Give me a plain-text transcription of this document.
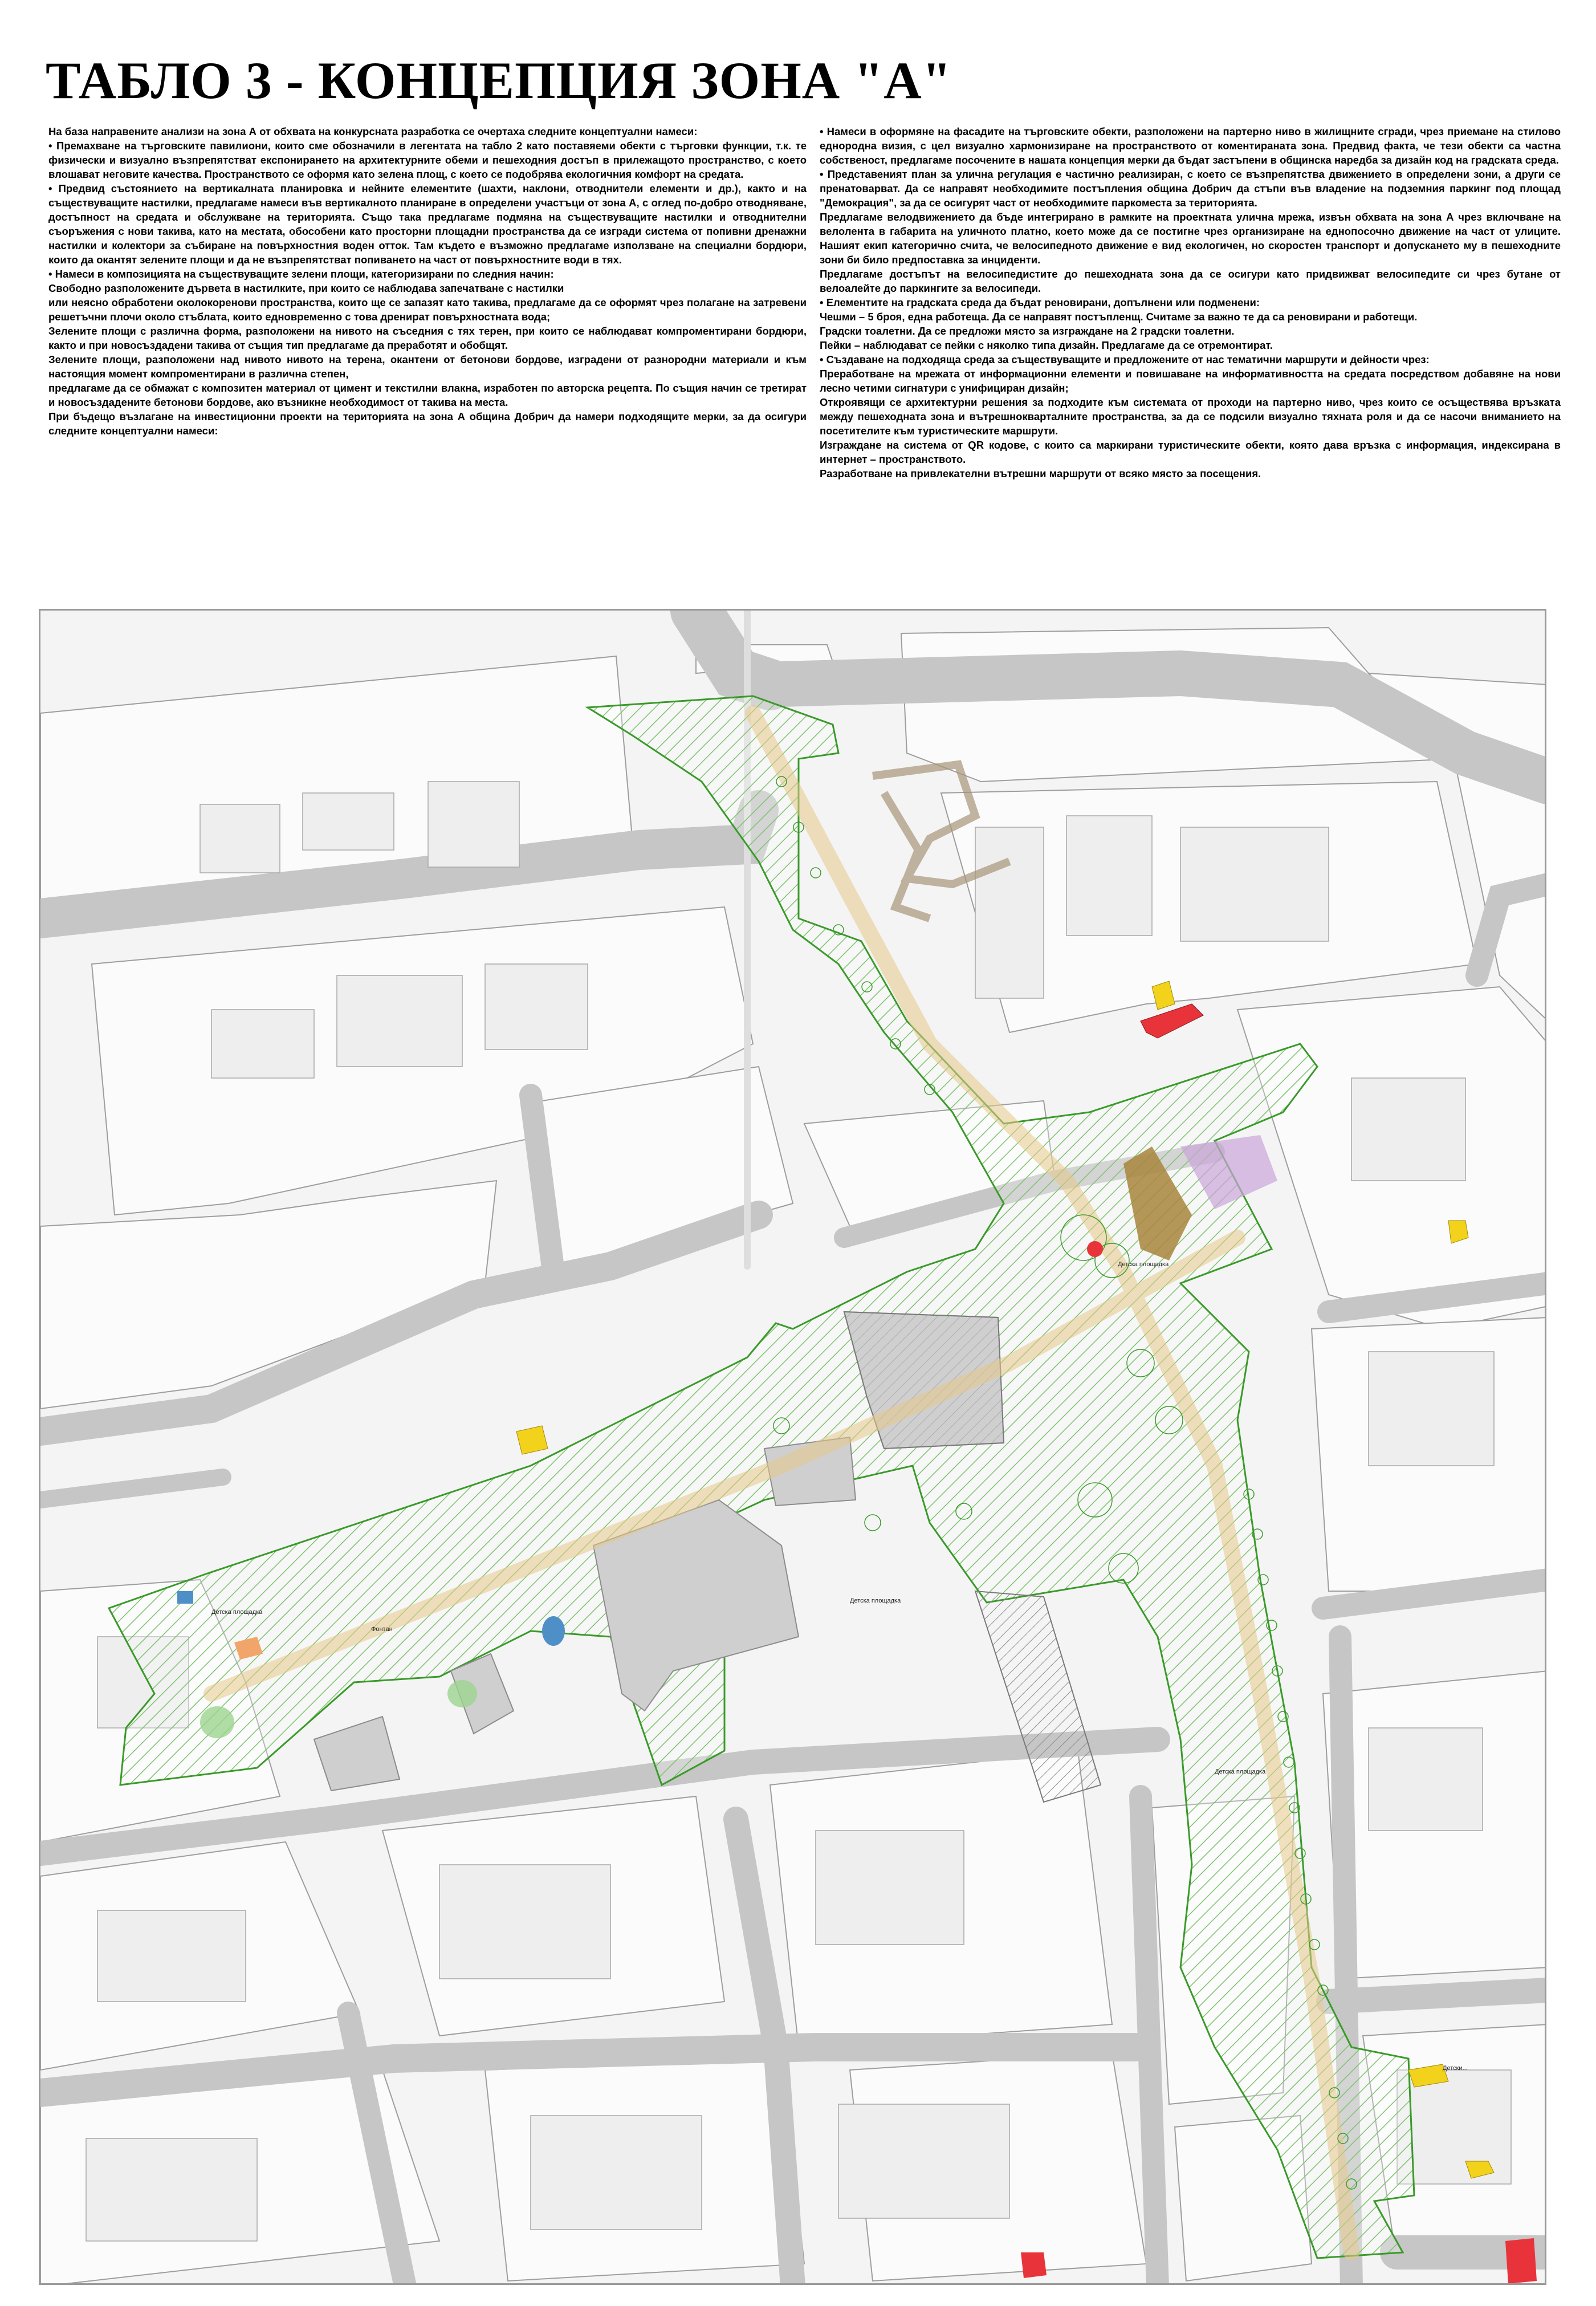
ТАБЛО 3 - КОНЦЕПЦИЯ ЗОНА "А"

На база направените анализи на зона А от обхвата на конкурсната разработка се очертаха следните концептуални намеси:

• Премахване на търговските павилиони, които сме обозначили в легентата на табло 2 като поставяеми обекти с търговки функции, т.к. те физически и визуално възпрепятстват експонирането на архитектурните обеми и пешеходния достъп в прилежащото пространство, с което влошават неговите качества. Пространството се оформя като зелена площ, с което се подобрява екологичния комфорт на средата.

• Предвид състоянието на вертикалната планировка и нейните елементите (шахти, наклони, отводнители елементи и др.), както и на съществуващите настилки, предлагаме намеси във вертикалното планиране в определени участъци от зона А, с оглед по-добро отводняване, достъпност на средата и обслужване на територията. Също така предлагаме подмяна на съществуващите настилки и отводнителни съоръжения с нови такива, като на местата, обособени като просторни площадни пространства да се изгради система от попивни дренажни настилки и колектори за събиране на повърхностния воден отток. Там където е възможно предлагаме използване на специални бордюри, които да окантят зелените площи и да не възпрепятстват попиването на част от повърхностните води в тях.

• Намеси в композицията на съществуващите зелени площи, категоризирани по следния начин:

Свободно разположените дървета в настилките, при които се наблюдава запечатване с настилки

или неясно обработени околокоренови пространства, които ще се запазят като такива, предлагаме да се оформят чрез полагане на затревени решетъчни плочи около стъблата, които едновременно с това дренират повърхностната вода;

Зелените площи с различна форма, разположени на нивото на съседния с тях терен, при които се наблюдават компроментирани бордюри, както и при новосъздадени такива от същия тип предлагаме да преработят и обобщят.

Зелените площи, разположени над нивото нивото на терена, окантени от бетонови бордове, изградени от разнородни материали и към настоящия момент компроментирани в различна степен,

предлагаме да се обмажат с композитен материал от цимент и текстилни влакна, изработен по авторска рецепта. По същия начин се третират и новосъздадените бетонови бордове, ако възникне необходимост от такива на места.

При бъдещо възлагане на инвестиционни проекти на територията на зона А община Добрич да намери подходящите мерки, за да осигури следните концептуални намеси:

• Намеси в оформяне на фасадите на търговските обекти, разположени на партерно ниво в жилищните сгради, чрез приемане на стилово еднородна визия, с цел визуално хармонизиране на пространството от коментираната зона. Предвид факта, че тези обекти са частна собственост, предлагаме посочените в нашата концепция мерки да бъдат застъпени в общинска наредба за дизайн код на градската среда.

• Представеният план за улична регулация е частично реализиран, с което се възпрепятства движението в определени зони, а други се пренатоварват. Да се направят необходимите постъпления община Добрич да стъпи във владение на подземния паркинг под площад "Демокрация", за да се осигурят част от необходимите паркоместа за територията.

Предлагаме велодвижението да бъде интегрирано в рамките на проектната улична мрежа, извън обхвата на зона А чрез включване на велолента в габарита на уличното платно, което може да се постигне чрез организиране на еднопосочно движение на част от улиците. Нашият екип категорично счита, че велосипедното движение е вид екологичен, но скоростен транспорт и допускането му в пешеходните зони би било предпоставка за инциденти.

Предлагаме достъпът на велосипедистите до пешеходната зона да се осигури като придвижват велосипедите си чрез бутане от велоалейте до паркингите за велосипеди.

• Елементите на градската среда да бъдат реновирани, допълнени или подменени:

Чешми – 5 броя, една работеща. Да се направят постъпленщ. Считаме за важно те да са реновирани и работещи.

Градски тоалетни. Да се предложи място за изграждане на 2 градски тоалетни.

Пейки – наблюдават се пейки с няколко типа дизайн. Предлагаме да се отремонтират.

• Създаване на подходяща среда за съществуващите и предложените от нас тематични маршрути и дейности чрез:

Преработване на мрежата от информационни елементи и повишаване на информативността на средата посредством добавяне на нови лесно четими сигнатури с унифициран дизайн;

Откроявящи се архитектурни решения за подходите към системата от проходи на партерно ниво, чрез които се осъществява връзката между пешеходната зона и вътрешнокварталните пространства, за да се подсили визуално тяхната роля и да се насочи вниманието на посетителите към туристическите маршрути.

Изграждане на система от QR кодове, с които са маркирани туристическите обекти, която дава връзка с информация, индексирана в интернет – пространството.

Разработване на привлекателни вътрешни маршрути от всяко място за посещения.

Детска площадка
Фонтан
Детска площадка
Детска площадка
Детска площадка
Детски...
